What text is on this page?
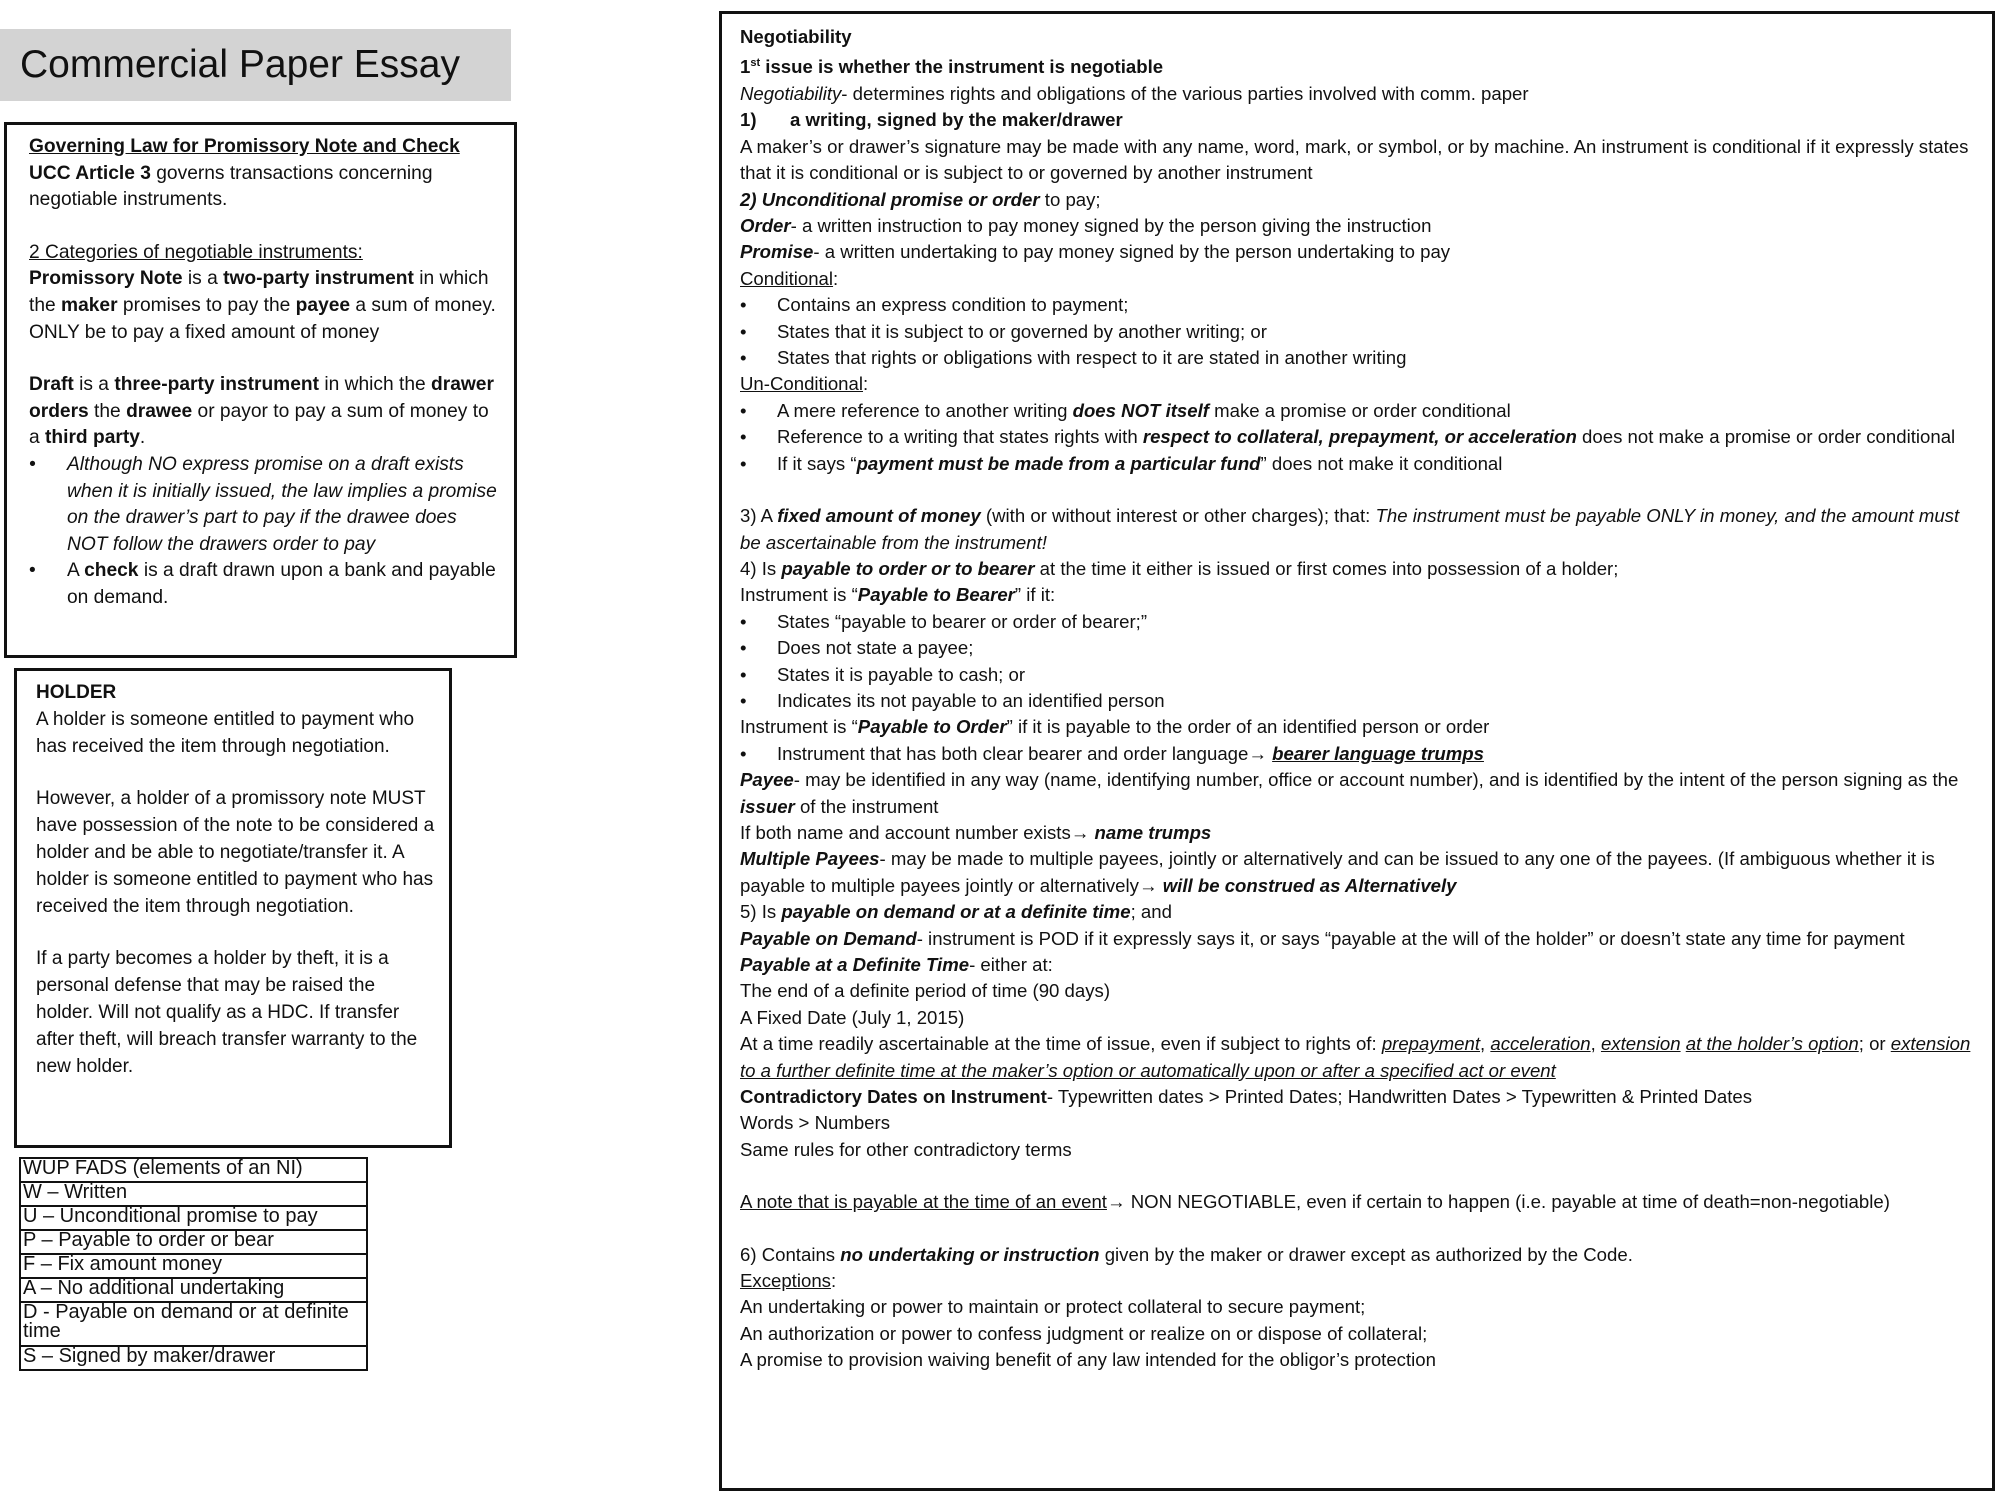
Commercial Paper Essay

Governing Law for Promissory Note and Check

UCC Article 3 governs transactions concerning negotiable instruments.

2 Categories of negotiable instruments:

Promissory Note is a two-party instrument in which the maker promises to pay the payee a sum of money. ONLY be to pay a fixed amount of money

Draft is a three-party instrument in which the drawer orders the drawee or payor to pay a sum of money to a third party.

• Although NO express promise on a draft exists when it is initially issued, the law implies a promise on the drawer’s part to pay if the drawee does NOT follow the drawers order to pay

• A check is a draft drawn upon a bank and payable on demand.

HOLDER

A holder is someone entitled to payment who has received the item through negotiation.

However, a holder of a promissory note MUST have possession of the note to be considered a holder and be able to negotiate/transfer it. A holder is someone entitled to payment who has received the item through negotiation.

If a party becomes a holder by theft, it is a personal defense that may be raised the holder. Will not qualify as a HDC. If transfer after theft, will breach transfer warranty to the new holder.

WUP FADS (elements of an NI)
W – Written
U – Unconditional promise to pay
P – Payable to order or bear
F – Fix amount money
A – No additional undertaking
D - Payable on demand or at definite time
S – Signed by maker/drawer

Negotiability

1st issue is whether the instrument is negotiable

Negotiability- determines rights and obligations of the various parties involved with comm. paper

1) a writing, signed by the maker/drawer

A maker’s or drawer’s signature may be made with any name, word, mark, or symbol, or by machine. An instrument is conditional if it expressly states that it is conditional or is subject to or governed by another instrument

2) Unconditional promise or order to pay;

Order- a written instruction to pay money signed by the person giving the instruction

Promise- a written undertaking to pay money signed by the person undertaking to pay

Conditional:

• Contains an express condition to payment;

• States that it is subject to or governed by another writing; or

• States that rights or obligations with respect to it are stated in another writing

Un-Conditional:

• A mere reference to another writing does NOT itself make a promise or order conditional

• Reference to a writing that states rights with respect to collateral, prepayment, or acceleration does not make a promise or order conditional

• If it says “payment must be made from a particular fund” does not make it conditional

3) A fixed amount of money (with or without interest or other charges); that: The instrument must be payable ONLY in money, and the amount must be ascertainable from the instrument!

4) Is payable to order or to bearer at the time it either is issued or first comes into possession of a holder;

Instrument is “Payable to Bearer” if it:

• States “payable to bearer or order of bearer;”

• Does not state a payee;

• States it is payable to cash; or

• Indicates its not payable to an identified person

Instrument is “Payable to Order” if it is payable to the order of an identified person or order

• Instrument that has both clear bearer and order language→ bearer language trumps

Payee- may be identified in any way (name, identifying number, office or account number), and is identified by the intent of the person signing as the issuer of the instrument

If both name and account number exists→ name trumps

Multiple Payees- may be made to multiple payees, jointly or alternatively and can be issued to any one of the payees. (If ambiguous whether it is payable to multiple payees jointly or alternatively→ will be construed as Alternatively

5) Is payable on demand or at a definite time; and

Payable on Demand- instrument is POD if it expressly says it, or says “payable at the will of the holder” or doesn’t state any time for payment

Payable at a Definite Time- either at:

The end of a definite period of time (90 days)

A Fixed Date (July 1, 2015)

At a time readily ascertainable at the time of issue, even if subject to rights of: prepayment, acceleration, extension at the holder’s option; or extension to a further definite time at the maker’s option or automatically upon or after a specified act or event

Contradictory Dates on Instrument- Typewritten dates > Printed Dates; Handwritten Dates > Typewritten & Printed Dates

Words > Numbers

Same rules for other contradictory terms

A note that is payable at the time of an event→ NON NEGOTIABLE, even if certain to happen (i.e. payable at time of death=non-negotiable)

6) Contains no undertaking or instruction given by the maker or drawer except as authorized by the Code.

Exceptions:

An undertaking or power to maintain or protect collateral to secure payment;

An authorization or power to confess judgment or realize on or dispose of collateral;

A promise to provision waiving benefit of any law intended for the obligor’s protection
